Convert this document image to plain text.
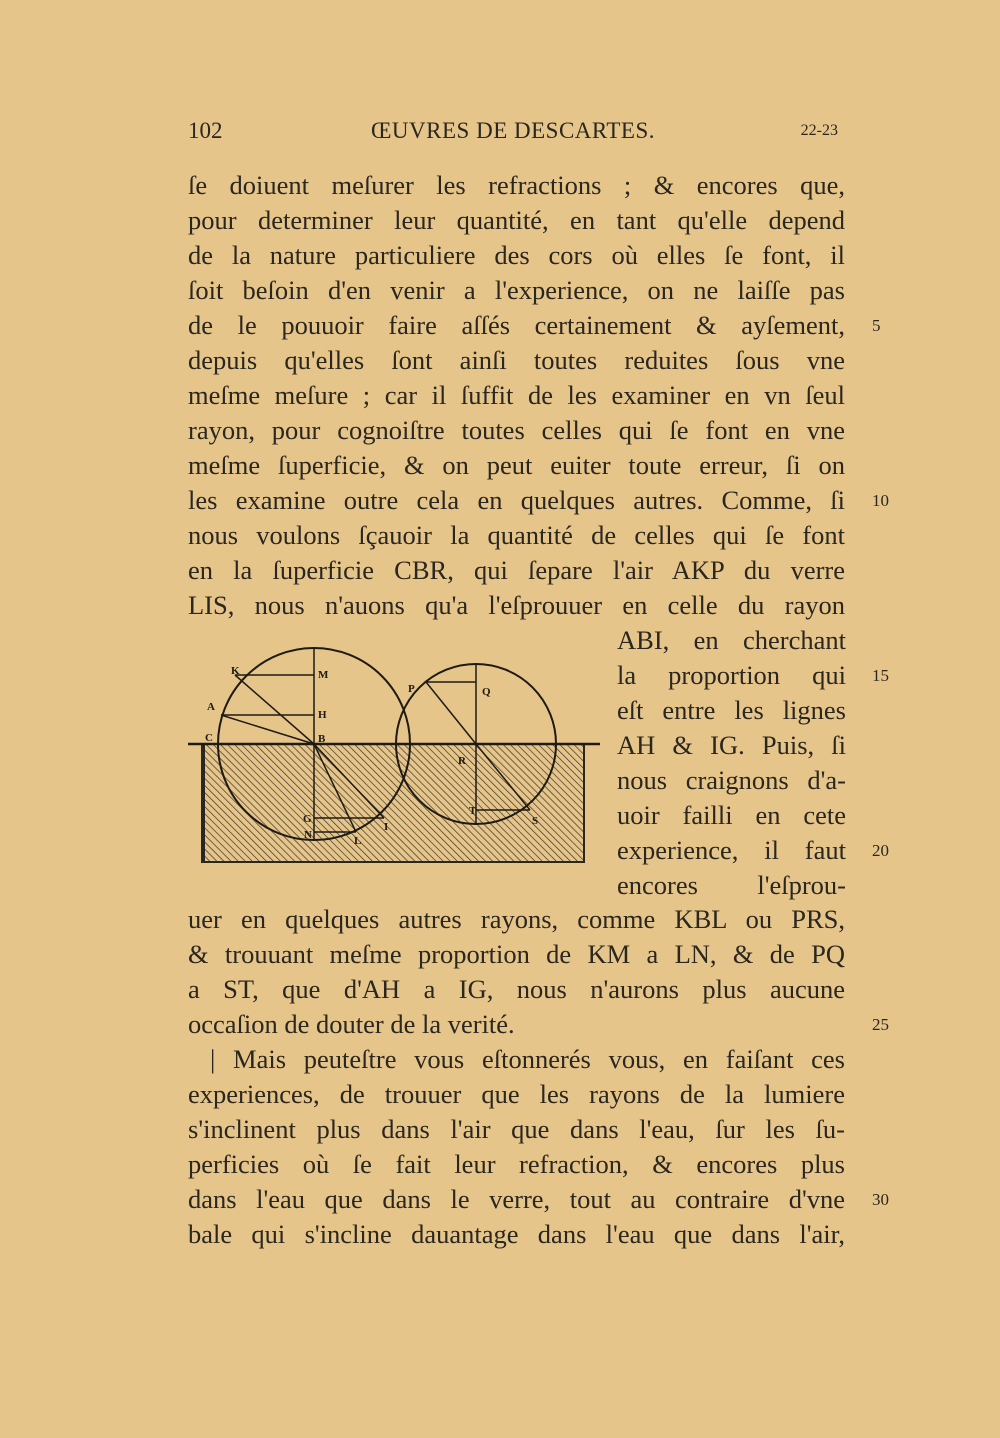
102	ŒUVRES DE DESCARTES.	22-23
ſe doiuent meſurer les refractions ; & encores que,
pour determiner leur quantité, en tant qu'elle depend
de la nature particuliere des cors où elles ſe font, il
ſoit beſoin d'en venir a l'experience, on ne laiſſe pas
de le pouuoir faire aſſés certainement & ayſement,
depuis qu'elles ſont ainſi toutes reduites ſous vne
meſme meſure ; car il ſuffit de les examiner en vn ſeul
rayon, pour cognoiſtre toutes celles qui ſe font en vne
meſme ſuperficie, & on peut euiter toute erreur, ſi on
les examine outre cela en quelques autres. Comme, ſi
nous voulons ſçauoir la quantité de celles qui ſe font
en la ſuperficie CBR, qui ſepare l'air AKP du verre
LIS, nous n'auons qu'a l'eſprouuer en celle du rayon
ABI, en cherchant
la proportion qui
eſt entre les lignes
AH & IG. Puis, ſi
nous craignons d'a-
uoir failli en cete
experience, il faut
encores l'eſprou-
uer en quelques autres rayons, comme KBL ou PRS,
& trouuant meſme proportion de KM a LN, & de PQ
a ST, que d'AH a IG, nous n'aurons plus aucune
occaſion de douter de la verité.
| Mais peuteſtre vous eſtonnerés vous, en faiſant ces
experiences, de trouuer que les rayons de la lumiere
s'inclinent plus dans l'air que dans l'eau, ſur les ſu-
perficies où ſe fait leur refraction, & encores plus
dans l'eau que dans le verre, tout au contraire d'vne
bale qui s'incline dauantage dans l'eau que dans l'air,
5
10
15
20
25
30
K	M
A
H
C	B
P	Q
R
G
N	L
I
T
S
